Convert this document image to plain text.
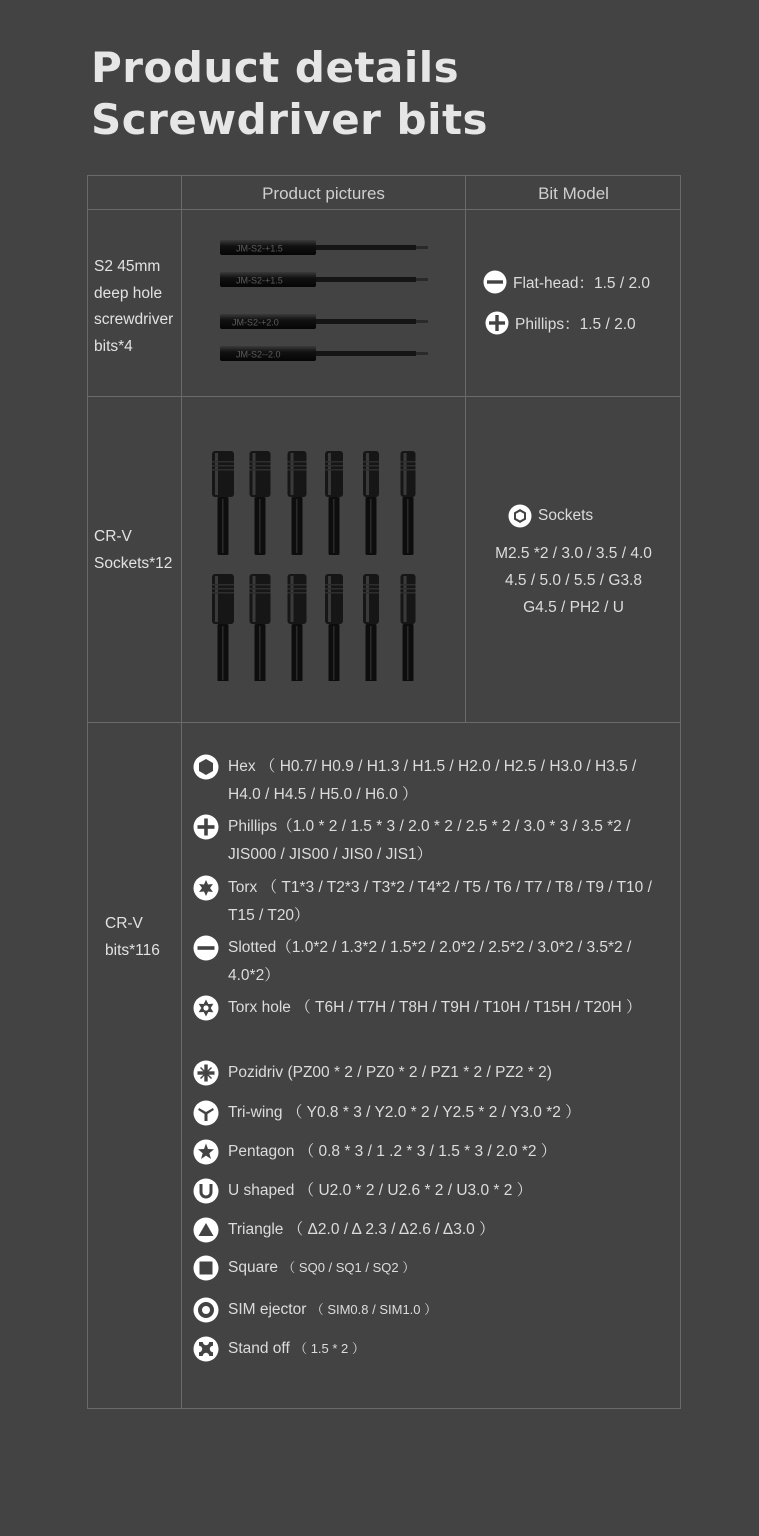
Product details
Screwdriver bits
Product pictures	Bit Model
S2 45mm
deep hole
screwdriver
bits*4
JM-S2-+1.5
JM-S2-+1.5
JM-S2-+2.0
JM-S2--2.0
Flat-head：1.5 / 2.0
Phillips：1.5 / 2.0
CR-V
Sockets*12
Sockets
M2.5 *2 / 3.0 / 3.5 / 4.0
4.5 / 5.0 / 5.5 / G3.8
G4.5 / PH2 / U
CR-V
bits*116
Hex （ H0.7/ H0.9 / H1.3 / H1.5 / H2.0 / H2.5 / H3.0 / H3.5 / H4.0 / H4.5 / H5.0 / H6.0 ）
Phillips（1.0 * 2 / 1.5 * 3 / 2.0 * 2 / 2.5 * 2 / 3.0 * 3 / 3.5 *2 / JIS000 / JIS00 / JIS0 / JIS1）
Torx （ T1*3 / T2*3 / T3*2 / T4*2 / T5 / T6 / T7 / T8 / T9 / T10 / T15 / T20）
Slotted（1.0*2 / 1.3*2 / 1.5*2 / 2.0*2 / 2.5*2 / 3.0*2 / 3.5*2 / 4.0*2）
Torx hole （ T6H / T7H / T8H / T9H / T10H / T15H / T20H ）
Pozidriv (PZ00 * 2 / PZ0 * 2 / PZ1 * 2 / PZ2 * 2)
Tri-wing （ Y0.8 * 3 / Y2.0 * 2 / Y2.5 * 2 / Y3.0 *2 ）
Pentagon （ 0.8 * 3 / 1 .2 * 3 / 1.5 * 3 / 2.0 *2 ）
U shaped （ U2.0 * 2 / U2.6 * 2 / U3.0 * 2 ）
Triangle （ Δ2.0 / Δ 2.3 / Δ2.6 / Δ3.0 ）
Square （ SQ0 / SQ1 / SQ2 ）
SIM ejector （ SIM0.8 / SIM1.0 ）
Stand off （ 1.5 * 2 ）
